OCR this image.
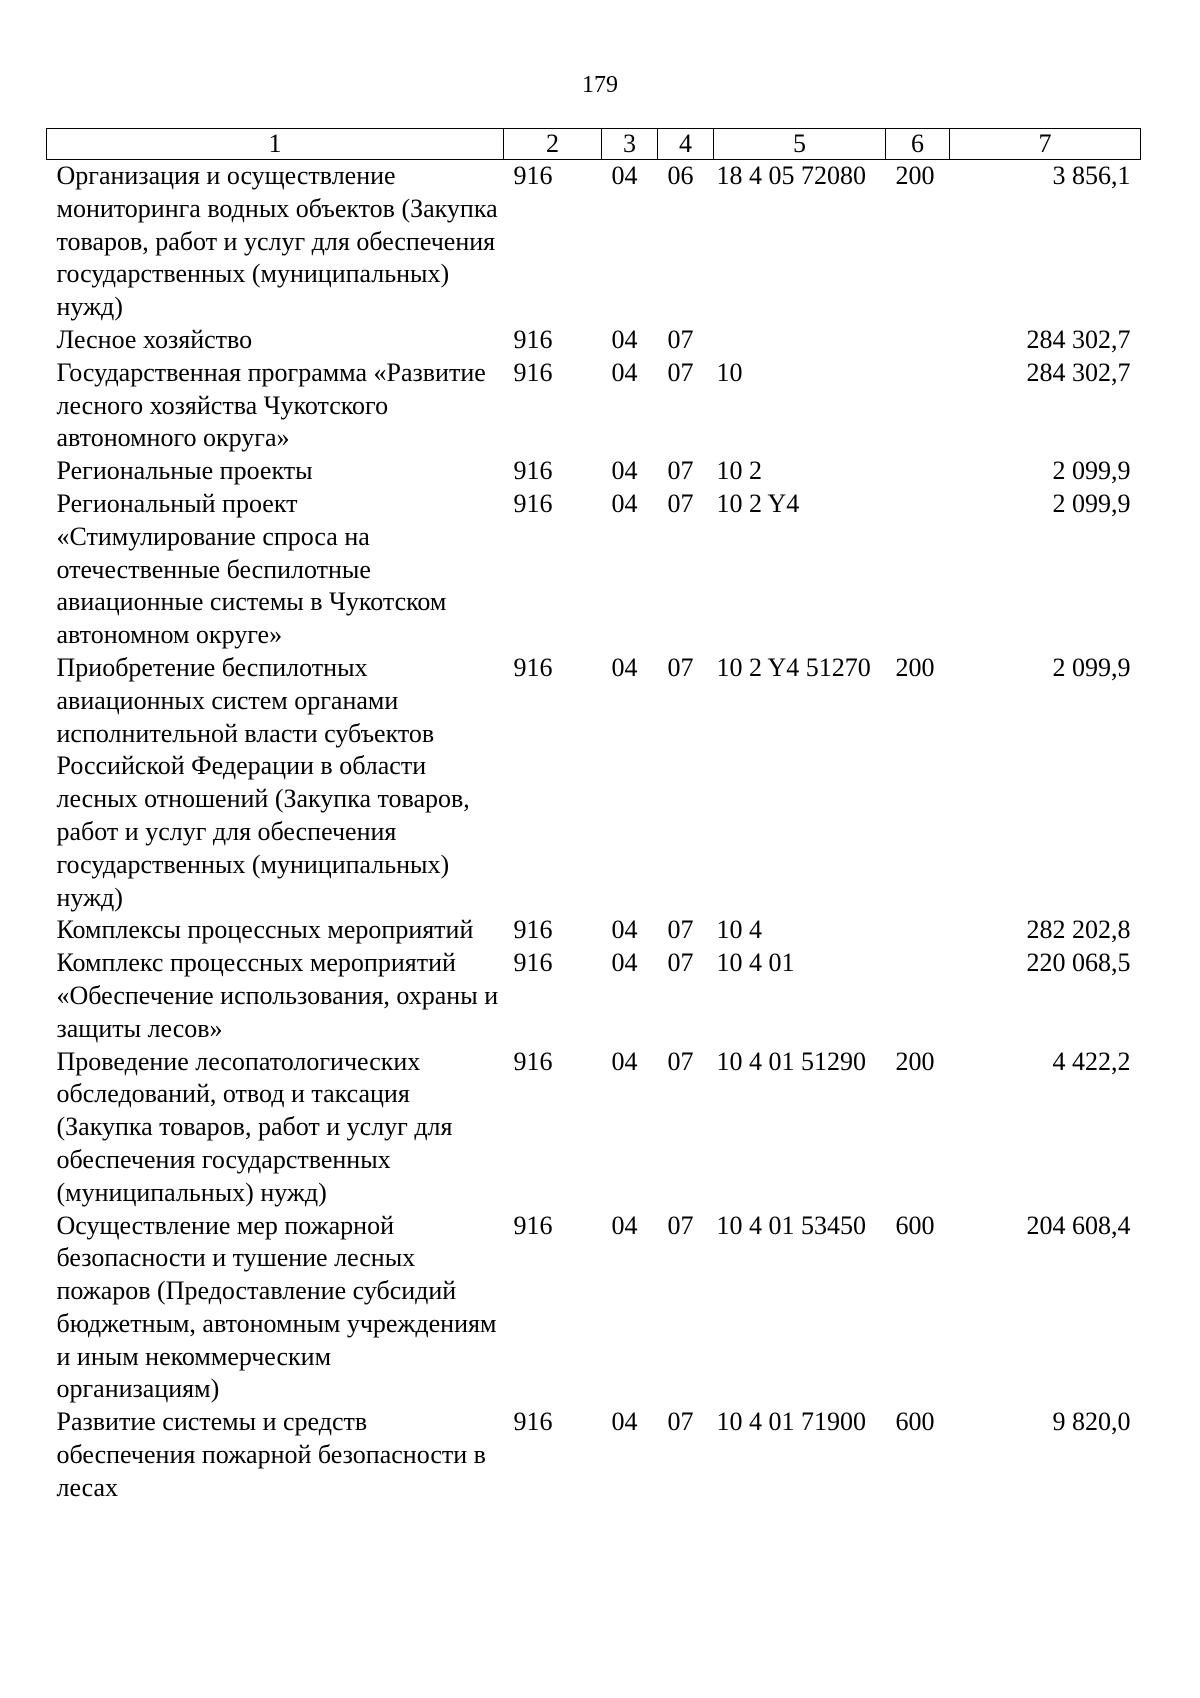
179
1	2	3	4	5	6	7
Организация и осуществление мониторинга водных объектов (Закупка товаров, работ и услуг для обеспечения государственных (муниципальных) нужд)	916	04	06	18 4 05 72080	200	3 856,1
Лесное хозяйство	916	04	07			284 302,7
Государственная программа «Развитие лесного хозяйства Чукотского автономного округа»	916	04	07	10		284 302,7
Региональные проекты	916	04	07	10 2		2 099,9
Региональный проект «Стимулирование спроса на отечественные беспилотные авиационные системы в Чукотском автономном округе»	916	04	07	10 2 Y4		2 099,9
Приобретение беспилотных авиационных систем органами исполнительной власти субъектов Российской Федерации в области лесных отношений (Закупка товаров, работ и услуг для обеспечения государственных (муниципальных) нужд)	916	04	07	10 2 Y4 51270	200	2 099,9
Комплексы процессных мероприятий	916	04	07	10 4		282 202,8
Комплекс процессных мероприятий «Обеспечение использования, охраны и защиты лесов»	916	04	07	10 4 01		220 068,5
Проведение лесопатологических обследований, отвод и таксация (Закупка товаров, работ и услуг для обеспечения государственных (муниципальных) нужд)	916	04	07	10 4 01 51290	200	4 422,2
Осуществление мер пожарной безопасности и тушение лесных пожаров (Предоставление субсидий бюджетным, автономным учреждениям и иным некоммерческим организациям)	916	04	07	10 4 01 53450	600	204 608,4
Развитие системы и средств обеспечения пожарной безопасности в лесах	916	04	07	10 4 01 71900	600	9 820,0
